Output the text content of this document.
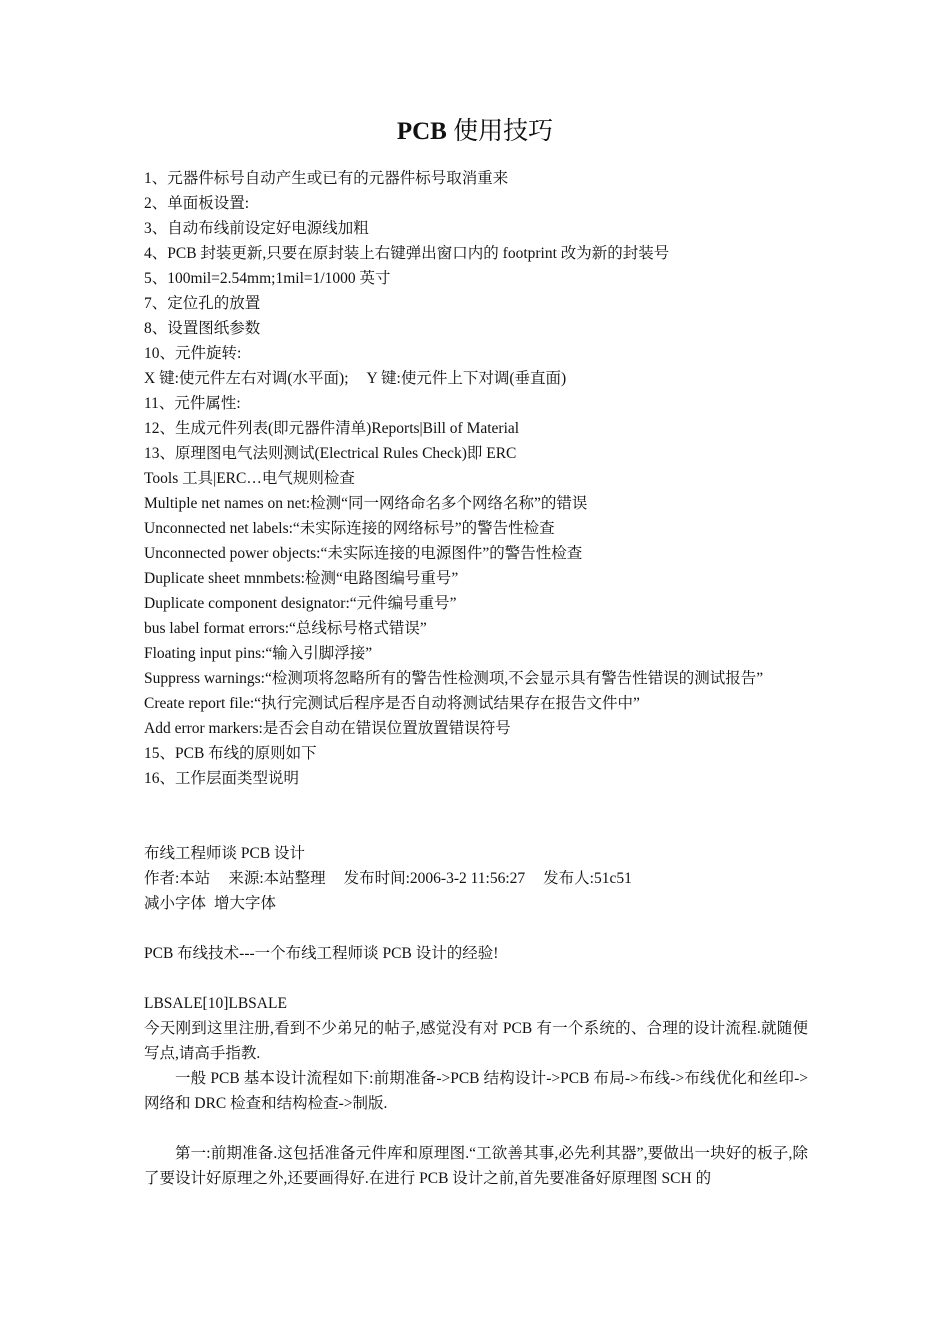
PCB 使用技巧
1、元器件标号自动产生或已有的元器件标号取消重来
2、单面板设置:
3、自动布线前设定好电源线加粗
4、PCB 封装更新,只要在原封装上右键弹出窗口内的 footprint 改为新的封装号
5、100mil=2.54mm;1mil=1/1000 英寸
7、定位孔的放置
8、设置图纸参数
10、元件旋转:
X 键:使元件左右对调(水平面); Y 键:使元件上下对调(垂直面)
11、元件属性:
12、生成元件列表(即元器件清单)Reports|Bill of Material
13、原理图电气法则测试(Electrical Rules Check)即 ERC
Tools 工具|ERC…电气规则检查
Multiple net names on net:检测“同一网络命名多个网络名称”的错误
Unconnected net labels:“未实际连接的网络标号”的警告性检查
Unconnected power objects:“未实际连接的电源图件”的警告性检查
Duplicate sheet mnmbets:检测“电路图编号重号”
Duplicate component designator:“元件编号重号”
bus label format errors:“总线标号格式错误”
Floating input pins:“输入引脚浮接”
Suppress warnings:“检测项将忽略所有的警告性检测项,不会显示具有警告性错误的测试报告”
Create report file:“执行完测试后程序是否自动将测试结果存在报告文件中”
Add error markers:是否会自动在错误位置放置错误符号
15、PCB 布线的原则如下
16、工作层面类型说明
布线工程师谈 PCB 设计
作者:本站 来源:本站整理 发布时间:2006-3-2 11:56:27 发布人:51c51
减小字体 增大字体
PCB 布线技术---一个布线工程师谈 PCB 设计的经验!
LBSALE[10]LBSALE
今天刚到这里注册,看到不少弟兄的帖子,感觉没有对 PCB 有一个系统的、合理的设计流程.就随便写点,请高手指教.
一般 PCB 基本设计流程如下:前期准备->PCB 结构设计->PCB 布局->布线->布线优化和丝印->网络和 DRC 检查和结构检查->制版.
第一:前期准备.这包括准备元件库和原理图.“工欲善其事,必先利其器”,要做出一块好的板子,除了要设计好原理之外,还要画得好.在进行 PCB 设计之前,首先要准备好原理图 SCH 的
